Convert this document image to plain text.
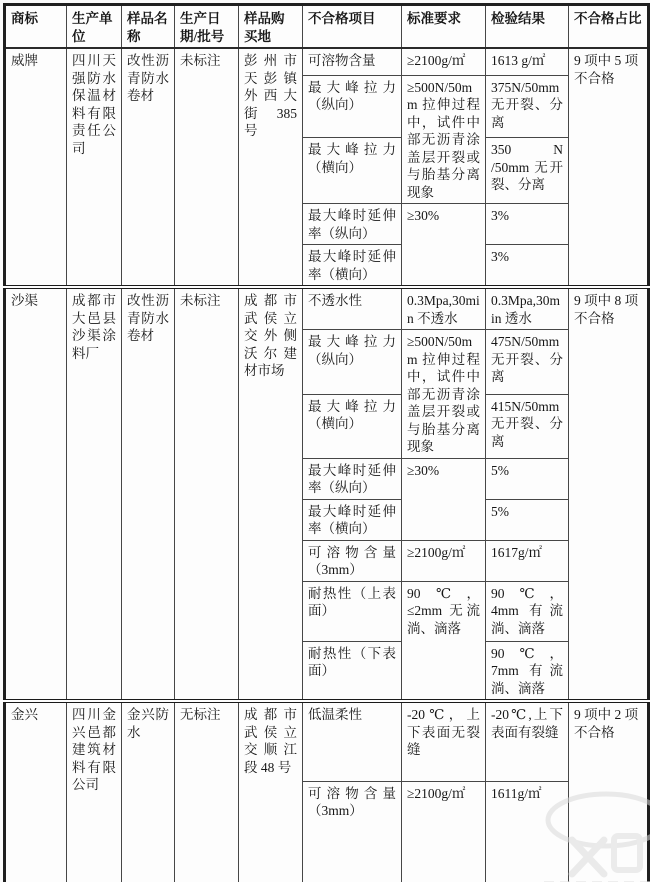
商标	生产单位	样品名称	生产日期/批号	样品购买地	不合格项目	标准要求	检验结果	不合格占比
威牌	四川天强防水保温材料有限责任公司	改性沥青防水卷材	未标注	彭州市天彭镇外西大街 385 号	可溶物含量	≥2100g/㎡	1613 g/㎡	9 项中 5 项不合格
					最大峰拉力（纵向）	≥500N/50mm 拉伸过程中，试件中部无沥青涂盖层开裂或与胎基分离现象	375N/50mm 无开裂、分离	
					最大峰拉力（横向）		350 N /50mm 无开裂、分离	
					最大峰时延伸率（纵向）	≥30%	3%	
					最大峰时延伸率（横向）		3%	
沙渠	成都市大邑县沙渠涂料厂	改性沥青防水卷材	未标注	成都市武侯立交外侧沃尔建材市场	不透水性	0.3Mpa,30min 不透水	0.3Mpa,30min 透水	9 项中 8 项不合格
					最大峰拉力（纵向）	≥500N/50mm 拉伸过程中，试件中部无沥青涂盖层开裂或与胎基分离现象	475N/50mm 无开裂、分离	
					最大峰拉力（横向）		415N/50mm 无开裂、分离	
					最大峰时延伸率（纵向）	≥30%	5%	
					最大峰时延伸率（横向）		5%	
					可溶物含量（3mm）	≥2100g/㎡	1617g/㎡	
					耐热性（上表面）	90℃，≤2mm 无流淌、滴落	90℃， 4mm 有流淌、滴落	
					耐热性（下表面）		90℃， 7mm 有流淌、滴落	
金兴	四川金兴邑都建筑材料有限公司	金兴防水	无标注	成都市武侯立交顺江段 48 号	低温柔性	-20℃，上下表面无裂缝	-20℃,上下表面有裂缝	9 项中 2 项不合格
					可溶物含量（3mm）	≥2100g/㎡	1611g/㎡	
